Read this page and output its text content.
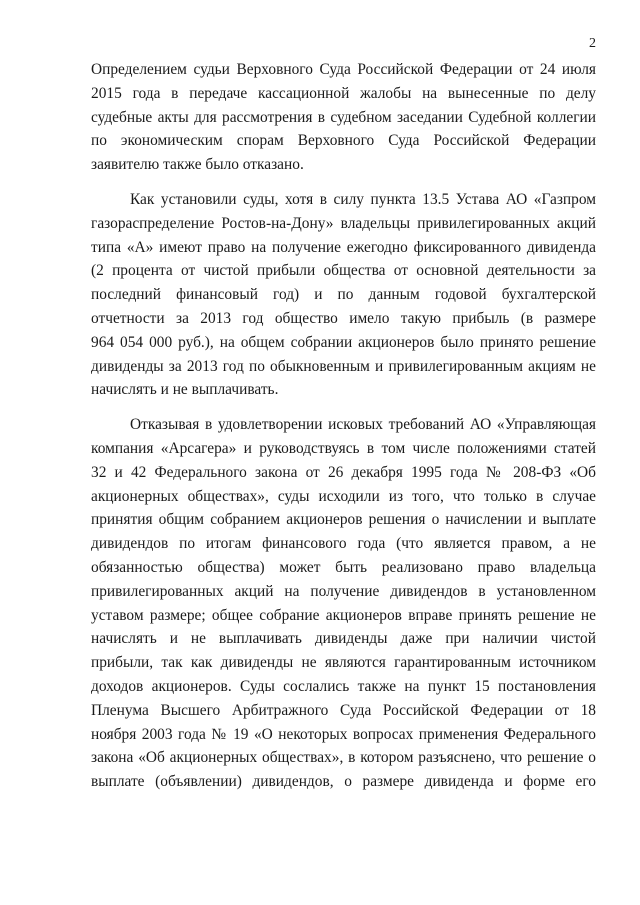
2
Определением судьи Верховного Суда Российской Федерации от 24 июля
2015 года в передаче кассационной жалобы на вынесенные по делу
судебные акты для рассмотрения в судебном заседании Судебной коллегии
по экономическим спорам Верховного Суда Российской Федерации
заявителю также было отказано.
Как установили суды, хотя в силу пункта 13.5 Устава АО «Газпром
газораспределение Ростов-на-Дону» владельцы привилегированных акций
типа «А» имеют право на получение ежегодно фиксированного дивиденда
(2 процента от чистой прибыли общества от основной деятельности за
последний финансовый год) и по данным годовой бухгалтерской
отчетности за 2013 год общество имело такую прибыль (в размере
964 054 000 руб.), на общем собрании акционеров было принято решение
дивиденды за 2013 год по обыкновенным и привилегированным акциям не
начислять и не выплачивать.
Отказывая в удовлетворении исковых требований АО «Управляющая
компания «Арсагера» и руководствуясь в том числе положениями статей
32 и 42 Федерального закона от 26 декабря 1995 года № 208-ФЗ «Об
акционерных обществах», суды исходили из того, что только в случае
принятия общим собранием акционеров решения о начислении и выплате
дивидендов по итогам финансового года (что является правом, а не
обязанностью общества) может быть реализовано право владельца
привилегированных акций на получение дивидендов в установленном
уставом размере; общее собрание акционеров вправе принять решение не
начислять и не выплачивать дивиденды даже при наличии чистой
прибыли, так как дивиденды не являются гарантированным источником
доходов акционеров. Суды сослались также на пункт 15 постановления
Пленума Высшего Арбитражного Суда Российской Федерации от 18
ноября 2003 года № 19 «О некоторых вопросах применения Федерального
закона «Об акционерных обществах», в котором разъяснено, что решение о
выплате (объявлении) дивидендов, о размере дивиденда и форме его
